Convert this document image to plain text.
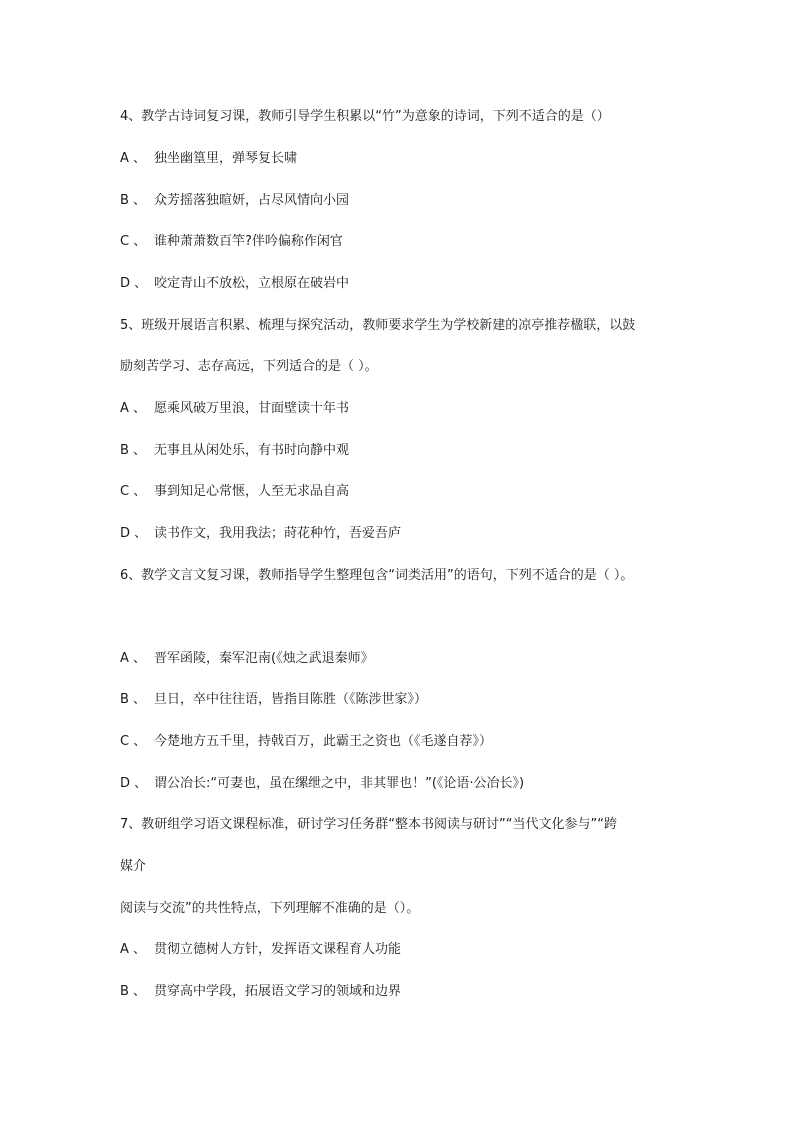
4、教学古诗词复习课，教师引导学生积累以“竹”为意象的诗词，下列不适合的是（）
A 、 独坐幽篁里，弹琴复长啸
B 、 众芳摇落独暄妍，占尽风情向小园
C 、 谁种萧萧数百竿?伴吟偏称作闲官
D 、 咬定青山不放松，立根原在破岩中
5、班级开展语言积累、梳理与探究活动，教师要求学生为学校新建的凉亭推荐楹联，以鼓
励刻苦学习、志存高远，下列适合的是（ ）。
A 、 愿乘风破万里浪，甘面壁读十年书
B 、 无事且从闲处乐，有书时向静中观
C 、 事到知足心常惬，人至无求品自高
D 、 读书作文，我用我法；莳花种竹，吾爱吾庐
6、教学文言文复习课，教师指导学生整理包含“词类活用”的语句，下列不适合的是（ ）。
A 、 晋军函陵，秦军氾南(《烛之武退秦师》
B 、 旦日，卒中往往语，皆指目陈胜（《陈涉世家》）
C 、 今楚地方五千里，持戟百万，此霸王之资也（《毛遂自荐》）
D 、 谓公冶长:“可妻也，虽在缧绁之中，非其罪也！”(《论语·公冶长》)
7、教研组学习语文课程标准，研讨学习任务群“整本书阅读与研讨”“当代文化参与”“跨
媒介
阅读与交流”的共性特点，下列理解不准确的是（）。
A 、 贯彻立德树人方针，发挥语文课程育人功能
B 、 贯穿高中学段，拓展语文学习的领域和边界
